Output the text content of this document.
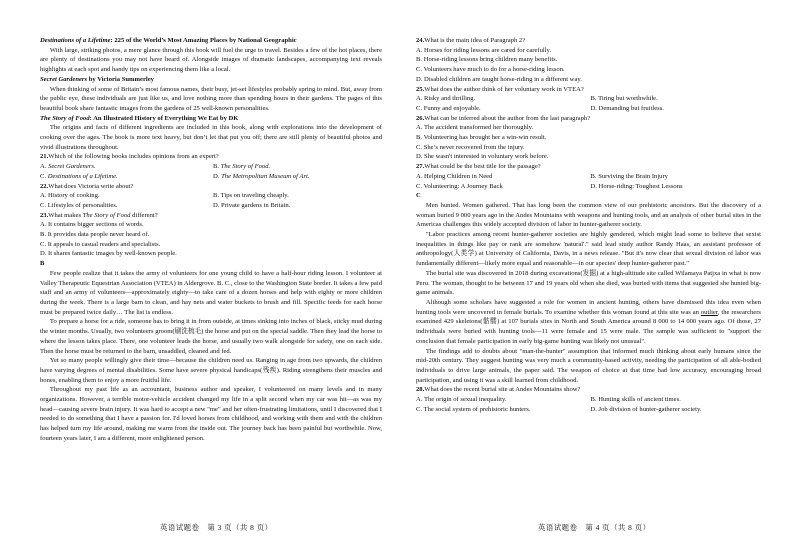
Destinations of a Lifetime: 225 of the World’s Most Amazing Places by National Geographic

With large, striking photos, a mere glance through this book will fuel the urge to travel. Besides a few of the hot places, there are plenty of destinations you may not have heard of. Alongside images of dramatic landscapes, accompanying text reveals highlights at each spot and handy tips on experiencing them like a local.

Secret Gardeners by Victoria Summerley

When thinking of some of Britain’s most famous names, their busy, jet-set lifestyles probably spring to mind. But, away from the public eye, these individuals are just like us, and love nothing more than spending hours in their gardens. The pages of this beautiful book share fantastic images from the gardens of 25 well-known personalities.

The Story of Food: An Illustrated History of Everything We Eat by DK

The origins and facts of different ingredients are included in this book, along with explorations into the development of cooking over the ages. The book is more text heavy, but don’t let that put you off; there are still plenty of beautiful photos and vivid illustrations throughout.

21.Which of the following books includes opinions from an expert?

A. Secret Gardeners.	B. The Story of Food.

C. Destinations of a Lifetime.	D. The Metropolitan Museum of Art.

22.What does Victoria write about?

A. History of cooking.	B. Tips on traveling cheaply.

C. Lifestyles of personalities.	D. Private gardens in Britain.

23.What makes The Story of Food different?

A. It contains bigger sections of words.

B. It provides data people never heard of.

C. It appeals to casual readers and specialists.

D. It shares fantastic images by well-known people.

B

Few people realize that it takes the army of volunteers for one young child to have a half-hour riding lesson. I volunteer at Valley Therapeutic Equestrian Association (VTEA) in Aldergrove. B. C., close to the Washington State border. It takes a few paid staff and an army of volunteers—approximately eighty—to take care of a dozen horses and help with eighty or more children during the week. There is a large barn to clean, and hay nets and water buckets to brush and fill. Specific feeds for each horse must be prepared twice daily… The list is endless.

To prepare a horse for a ride, someone has to bring it in from outside, at times sinking into inches of black, sticky mud during the winter months. Usually, two volunteers groom(刷洗梳毛) the horse and put on the special saddle. Then they lead the horse to where the lesson takes place. There, one volunteer leads the horse, and usually two walk alongside for safety, one on each side. Then the horse must be returned to the barn, unsaddled, cleaned and fed.

Yet so many people willingly give their time—because the children need us. Ranging in age from two upwards, the children have varying degrees of mental disabilities. Some have severe physical handicaps(残疾). Riding strengthens their muscles and bones, enabling them to enjoy a more fruitful life.

Throughout my past life as an accountant, business author and speaker, I volunteered on many levels and in many organizations. However, a terrible motor-vehicle accident changed my life in a split second when my car was hit—as was my head—causing severe brain injury. It was hard to accept a new "me" and her often-frustrating limitations, until I discovered that I needed to do something that I have a passion for. I'd loved horses from childhood, and working with them and with the children has helped turn my life around, making me warm from the inside out. The journey back has been painful but worthwhile. Now, fourteen years later, I am a different, more enlightened person.

24.What is the main idea of Paragraph 2?

A. Horses for riding lessons are cared for carefully.

B. Horse-riding lessons bring children many benefits.

C. Volunteers have much to do for a horse-riding lesson.

D. Disabled children are taught horse-riding in a different way.

25.What does the author think of her voluntary work in VTEA?

A. Risky and thrilling.	B. Tiring but worthwhile.

C. Funny and enjoyable.	D. Demanding but fruitless.

26.What can be inferred about the author from the last paragraph?

A. The accident transformed her thoroughly.

B. Volunteering has brought her a win-win result.

C. She’s never recovered from the injury.

D. She wasn't interested in voluntary work before.

27.What could be the best title for the passage?

A. Helping Children in Need	B. Surviving the Brain Injury

C. Volunteering: A Journey Back	D. Horse-riding: Toughest Lessons

C

Men hunted. Women gathered. That has long been the common view of our prehistoric ancestors. But the discovery of a woman buried 9 000 years ago in the Andes Mountains with weapons and hunting tools, and an analysis of other burial sites in the Americas challenges this widely accepted division of labor in hunter-gatherer society.

"Labor practices among recent hunter-gatherer societies are highly gendered, which might lead some to believe that sexist inequalities in things like pay or rank are somehow 'natural'." said lead study author Randy Haas, an assistant professor of anthropology(人类学) at University of California, Davis, in a news release. "But it's now clear that sexual division of labor was fundamentally different—likely more equal and reasonable—in our species' deep hunter-gatherer past."

The burial site was discovered in 2018 during excavations(发掘) at a high-altitude site called Wilamaya Patjxa in what is now Peru. The woman, thought to be between 17 and 19 years old when she died, was buried with items that suggested she hunted big-game animals.

Although some scholars have suggested a role for women in ancient hunting, others have dismissed this idea even when hunting tools were uncovered in female burials. To examine whether this woman found at this site was an outlier, the researchers examined 429 skeletons(骷髅) at 107 burials sites in North and South America around 8 000 to 14 000 years ago. Of those, 27 individuals were buried with hunting tools—11 were female and 15 were male. The sample was sufficient to "support the conclusion that female participation in early big-game hunting was likely not unusual".

The findings add to doubts about "man-the-hunter" assumption that informed much thinking about early humans since the mid-20th century. They suggest hunting was very much a community-based activity, needing the participation of all able-bodied individuals to drive large animals, the paper said. The weapon of choice at that time had low accuracy, encouraging broad participation, and using it was a skill learned from childhood.

28.What does the recent burial site at Andes Mountains show?

A. The origin of sexual inequality.	B. Hunting skills of ancient times.

C. The social system of prehistoric hunters.	D. Job division of hunter-gatherer society.

英语试题卷　第 3 页（共 8 页）	英语试题卷　第 4 页（共 8 页）
